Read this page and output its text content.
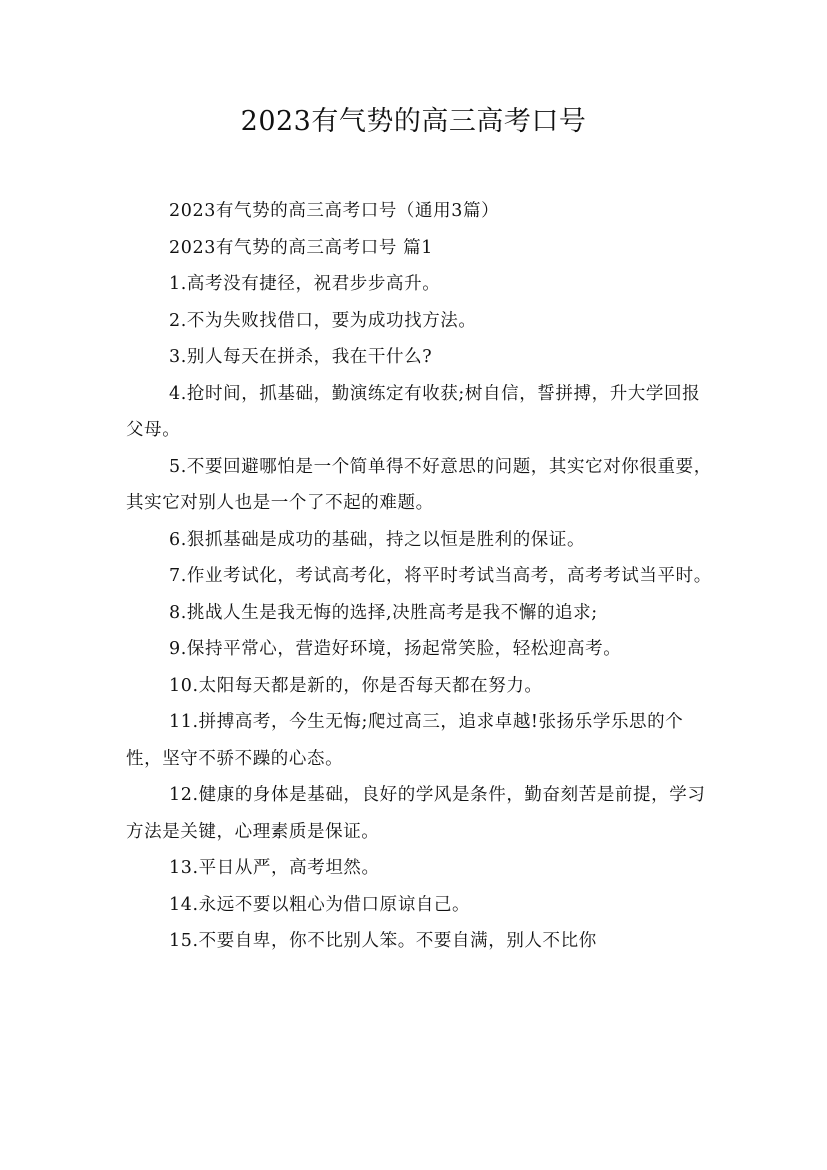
2023有气势的高三高考口号

2023有气势的高三高考口号（通用3篇）

2023有气势的高三高考口号 篇1

1.高考没有捷径，祝君步步高升。

2.不为失败找借口，要为成功找方法。

3.别人每天在拼杀，我在干什么?

4.抢时间，抓基础，勤演练定有收获;树自信，誓拼搏，升大学回报父母。

5.不要回避哪怕是一个简单得不好意思的问题，其实它对你很重要，其实它对别人也是一个了不起的难题。

6.狠抓基础是成功的基础，持之以恒是胜利的保证。

7.作业考试化，考试高考化，将平时考试当高考，高考考试当平时。

8.挑战人生是我无悔的选择,决胜高考是我不懈的追求;

9.保持平常心，营造好环境，扬起常笑脸，轻松迎高考。

10.太阳每天都是新的，你是否每天都在努力。

11.拼搏高考，今生无悔;爬过高三，追求卓越!张扬乐学乐思的个性，坚守不骄不躁的心态。

12.健康的身体是基础，良好的学风是条件，勤奋刻苦是前提，学习方法是关键，心理素质是保证。

13.平日从严，高考坦然。

14.永远不要以粗心为借口原谅自己。

15.不要自卑，你不比别人笨。不要自满，别人不比你
